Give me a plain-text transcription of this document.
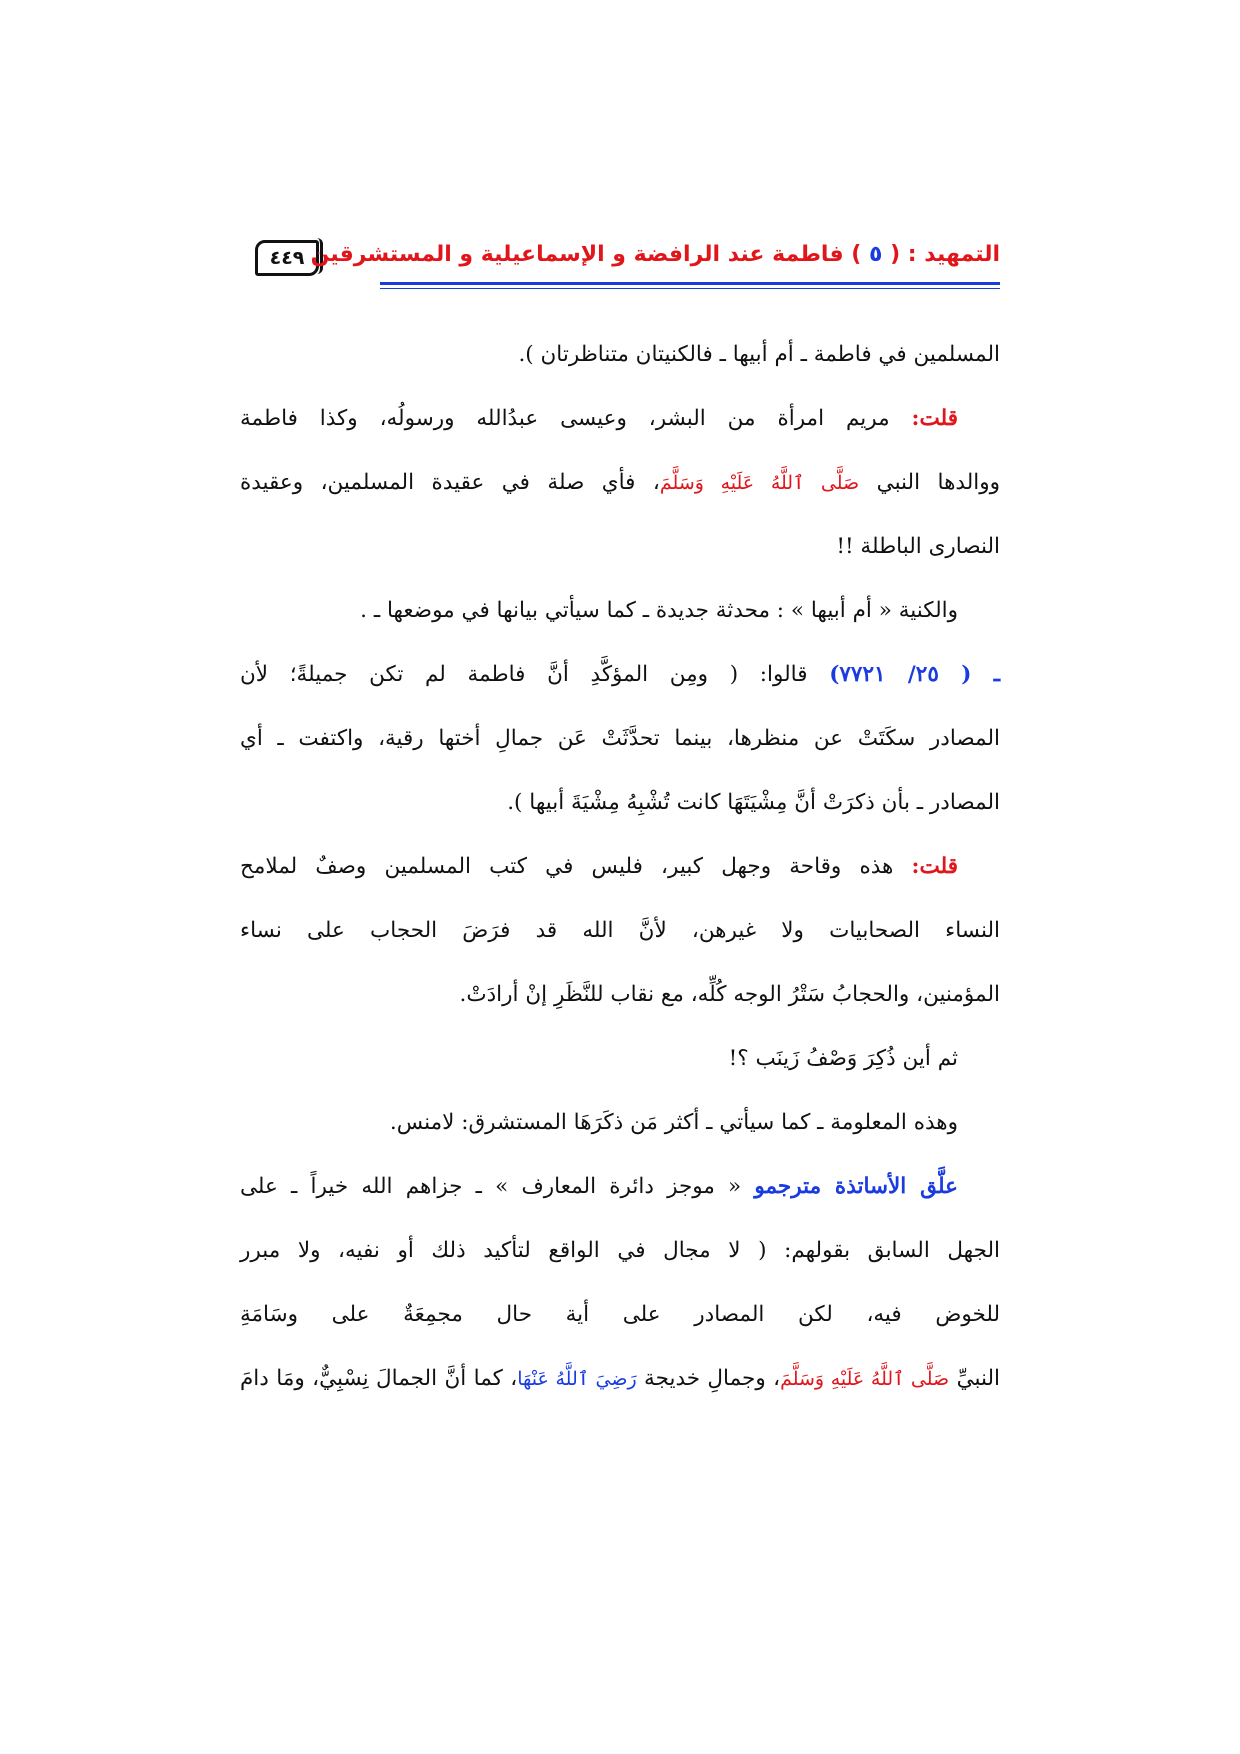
٤٤٩	التمهيد : ( ٥ ) فاطمة عند الرافضة و الإسماعيلية و المستشرقين
المسلمين في فاطمة ـ أم أبيها ـ فالكنيتان متناظرتان ).
قلت: مريم امرأة من البشر، وعيسى عبدُالله ورسولُه، وكذا فاطمة
ووالدها النبي صَلَّى ٱللَّهُ عَلَيْهِ وَسَلَّمَ، فأي صلة في عقيدة المسلمين، وعقيدة
النصارى الباطلة !!
والكنية « أم أبيها » : محدثة جديدة ـ كما سيأتي بيانها في موضعها ـ .
ـ ( ٢٥/ ٧٧٢١) قالوا: ( ومِن المؤكَّدِ أنَّ فاطمة لم تكن جميلةً؛ لأن
المصادر سكَتَتْ عن منظرها، بينما تحدَّثَتْ عَن جمالِ أختها رقية، واكتفت ـ أي
المصادر ـ بأن ذكرَتْ أنَّ مِشْيَتَهَا كانت تُشْبِهُ مِشْيَةَ أبيها ).
قلت: هذه وقاحة وجهل كبير، فليس في كتب المسلمين وصفٌ لملامح
النساء الصحابيات ولا غيرهن، لأنَّ الله قد فرَضَ الحجاب على نساء
المؤمنين، والحجابُ سَتْرُ الوجه كُلِّه، مع نقاب للنَّظَرِ إنْ أرادَتْ.
ثم أين ذُكِرَ وَصْفُ زَينَب ؟!
وهذه المعلومة ـ كما سيأتي ـ أكثر مَن ذكَرَهَا المستشرق: لامنس.
علَّق الأساتذة مترجمو « موجز دائرة المعارف » ـ جزاهم الله خيراً ـ على
الجهل السابق بقولهم: ( لا مجال في الواقع لتأكيد ذلك أو نفيه، ولا مبرر
للخوض فيه، لكن المصادر على أية حال مجمِعَةٌ على وسَامَةِ
النبيِّ صَلَّى ٱللَّهُ عَلَيْهِ وَسَلَّمَ، وجمالِ خديجة رَضِيَ ٱللَّهُ عَنْهَا، كما أنَّ الجمالَ نِسْبِيٌّ، ومَا دامَ
